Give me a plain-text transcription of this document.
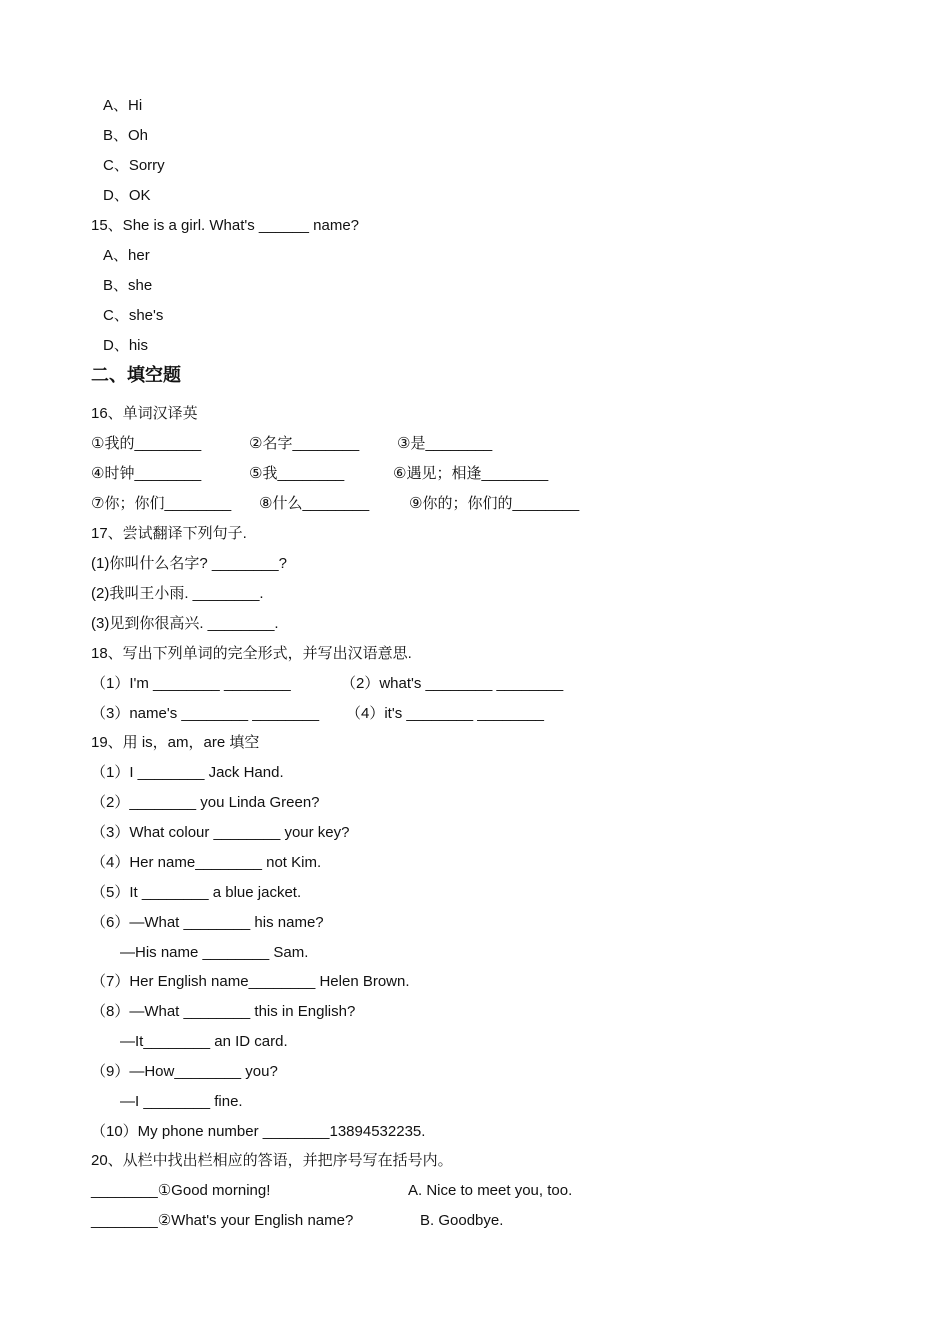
A、Hi
B、Oh
C、Sorry
D、OK
15、She is a girl. What's ______ name?
A、her
B、she
C、she's
D、his
二、填空题
16、单词汉译英
①我的________	②名字________	③是________
④时钟________	⑤我________	⑥遇见；相逢________
⑦你；你们________ ⑧什么________	⑨你的；你们的________
17、尝试翻译下列句子.
(1)你叫什么名字? ________?
(2)我叫王小雨. ________.
(3)见到你很高兴. ________.
18、写出下列单词的完全形式，并写出汉语意思.
（1）I'm ________ ________	（2）what's ________ ________
（3）name's ________ ________ （4）it's ________ ________
19、用 is，am，are 填空
（1）I ________ Jack Hand.
（2）________ you Linda Green?
（3）What colour ________ your key?
（4）Her name________ not Kim.
（5）It ________ a blue jacket.
（6）—What ________ his name?
—His name ________ Sam.
（7）Her English name________ Helen Brown.
（8）—What ________ this in English?
—It________ an ID card.
（9）—How________ you?
—I ________ fine.
（10）My phone number ________13894532235.
20、从栏中找出栏相应的答语，并把序号写在括号内。
________①Good morning!	A. Nice to meet you, too.
________②What's your English name?	B. Goodbye.
